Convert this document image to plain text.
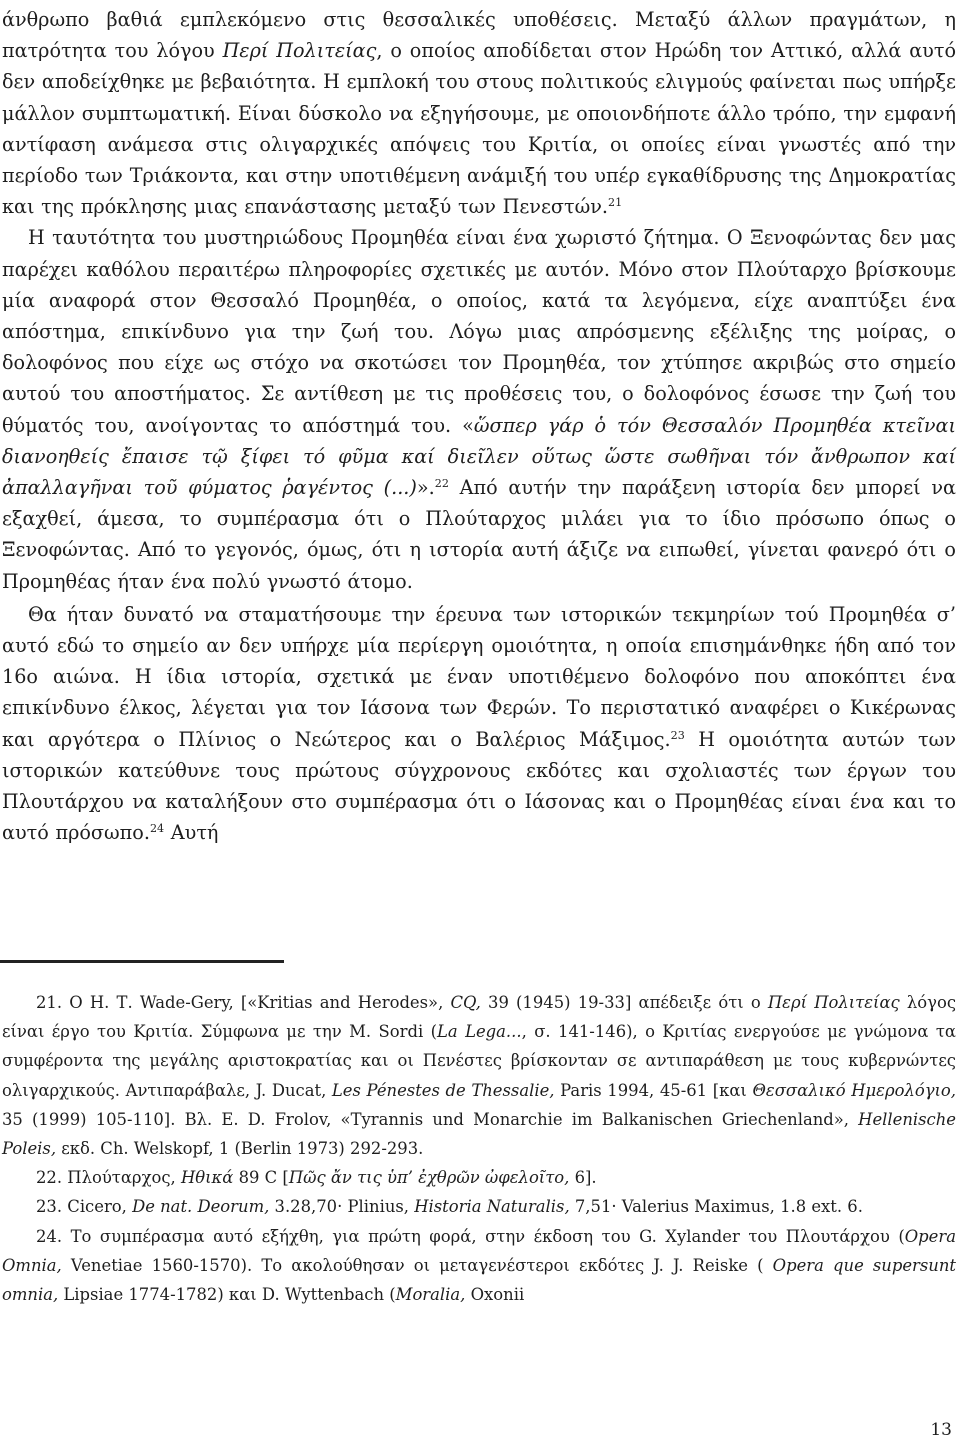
άνθρωπο βαθιά εμπλεκόμενο στις θεσσαλικές υποθέσεις. Μεταξύ άλλων πραγμάτων, η πατρότητα του λόγου Περί Πολιτείας, ο οποίος αποδίδεται στον Ηρώδη τον Αττικό, αλλά αυτό δεν αποδείχθηκε με βεβαιότητα. Η εμπλοκή του στους πολιτικούς ελιγμούς φαίνεται πως υπήρξε μάλλον συμπτωματική. Είναι δύσκολο να εξηγήσουμε, με οποιονδήποτε άλλο τρόπο, την εμφανή αντίφαση ανάμεσα στις ολιγαρχικές απόψεις του Κριτία, οι οποίες είναι γνωστές από την περίοδο των Τριάκοντα, και στην υποτιθέμενη ανάμιξή του υπέρ εγκαθίδρυσης της Δημοκρατίας και της πρόκλησης μιας επανάστασης μεταξύ των Πενεστών.$^{21}$

Η ταυτότητα του μυστηριώδους Προμηθέα είναι ένα χωριστό ζήτημα. Ο Ξενοφώντας δεν μας παρέχει καθόλου περαιτέρω πληροφορίες σχετικές με αυτόν. Μόνο στον Πλούταρχο βρίσκουμε μία αναφορά στον Θεσσαλό Προμηθέα, ο οποίος, κατά τα λεγόμενα, είχε αναπτύξει ένα απόστημα, επικίνδυνο για την ζωή του. Λόγω μιας απρόσμενης εξέλιξης της μοίρας, ο δολοφόνος που είχε ως στόχο να σκοτώσει τον Προμηθέα, τον χτύπησε ακριβώς στο σημείο αυτού του αποστήματος. Σε αντίθεση με τις προθέσεις του, ο δολοφόνος έσωσε την ζωή του θύματός του, ανοίγοντας το απόστημά του. «ὥσπερ γάρ ὁ τόν Θεσσαλόν Προμηθέα κτεῖναι διανοηθείς ἔπαισε τῷ ξίφει τό φῦμα καί διεῖλεν οὕτως ὥστε σωθῆναι τόν ἄνθρωπον καί ἀπαλλαγῆναι τοῦ φύματος ῥαγέντος (...)».$^{22}$ Από αυτήν την παράξενη ιστορία δεν μπορεί να εξαχθεί, άμεσα, το συμπέρασμα ότι ο Πλούταρχος μιλάει για το ίδιο πρόσωπο όπως ο Ξενοφώντας. Από το γεγονός, όμως, ότι η ιστορία αυτή άξιζε να ειπωθεί, γίνεται φανερό ότι ο Προμηθέας ήταν ένα πολύ γνωστό άτομο.

Θα ήταν δυνατό να σταματήσουμε την έρευνα των ιστορικών τεκμηρίων τού Προμηθέα σ’ αυτό εδώ το σημείο αν δεν υπήρχε μία περίεργη ομοιότητα, η οποία επισημάνθηκε ήδη από τον 16ο αιώνα. Η ίδια ιστορία, σχετικά με έναν υποτιθέμενο δολοφόνο που αποκόπτει ένα επικίνδυνο έλκος, λέγεται για τον Ιάσονα των Φερών. Το περιστατικό αναφέρει ο Κικέρωνας και αργότερα ο Πλίνιος ο Νεώτερος και ο Βαλέριος Μάξιμος.$^{23}$ Η ομοιότητα αυτών των ιστορικών κατεύθυνε τους πρώτους σύγχρονους εκδότες και σχολιαστές των έργων του Πλουτάρχου να καταλήξουν στο συμπέρασμα ότι ο Ιάσονας και ο Προμηθέας είναι ένα και το αυτό πρόσωπο.$^{24}$ Αυτή

21. Ο Η. Τ. Wade-Gery, [«Kritias and Herodes», CQ, 39 (1945) 19-33] απέδειξε ότι ο Περί Πολιτείας λόγος είναι έργο του Κριτία. Σύμφωνα με την M. Sordi (La Lega..., σ. 141-146), ο Κριτίας ενεργούσε με γνώμονα τα συμφέροντα της μεγάλης αριστοκρατίας και οι Πενέστες βρίσκονταν σε αντιπαράθεση με τους κυβερνώντες ολιγαρχικούς. Αντιπαράβαλε, J. Ducat, Les Pénestes de Thessalie, Paris 1994, 45-61 [και Θεσσαλικό Ημερολόγιο, 35 (1999) 105-110]. Βλ. E. D. Frolov, «Tyrannis und Monarchie im Balkanischen Griechenland», Hellenische Poleis, εκδ. Ch. Welskopf, 1 (Berlin 1973) 292-293.

22. Πλούταρχος, Ηθικά 89 C [Πῶς ἄν τις ὑπ’ ἐχθρῶν ὠφελοῖτο, 6].

23. Cicero, De nat. Deorum, 3.28,70· Plinius, Historia Naturalis, 7,51· Valerius Maximus, 1.8 ext. 6.

24. Το συμπέρασμα αυτό εξήχθη, για πρώτη φορά, στην έκδοση του G. Xylander του Πλουτάρχου (Opera Omnia, Venetiae 1560-1570). Το ακολούθησαν οι μεταγενέστεροι εκδότες J. J. Reiske ( Opera que supersunt omnia, Lipsiae 1774-1782) και D. Wyttenbach (Moralia, Oxonii

13
